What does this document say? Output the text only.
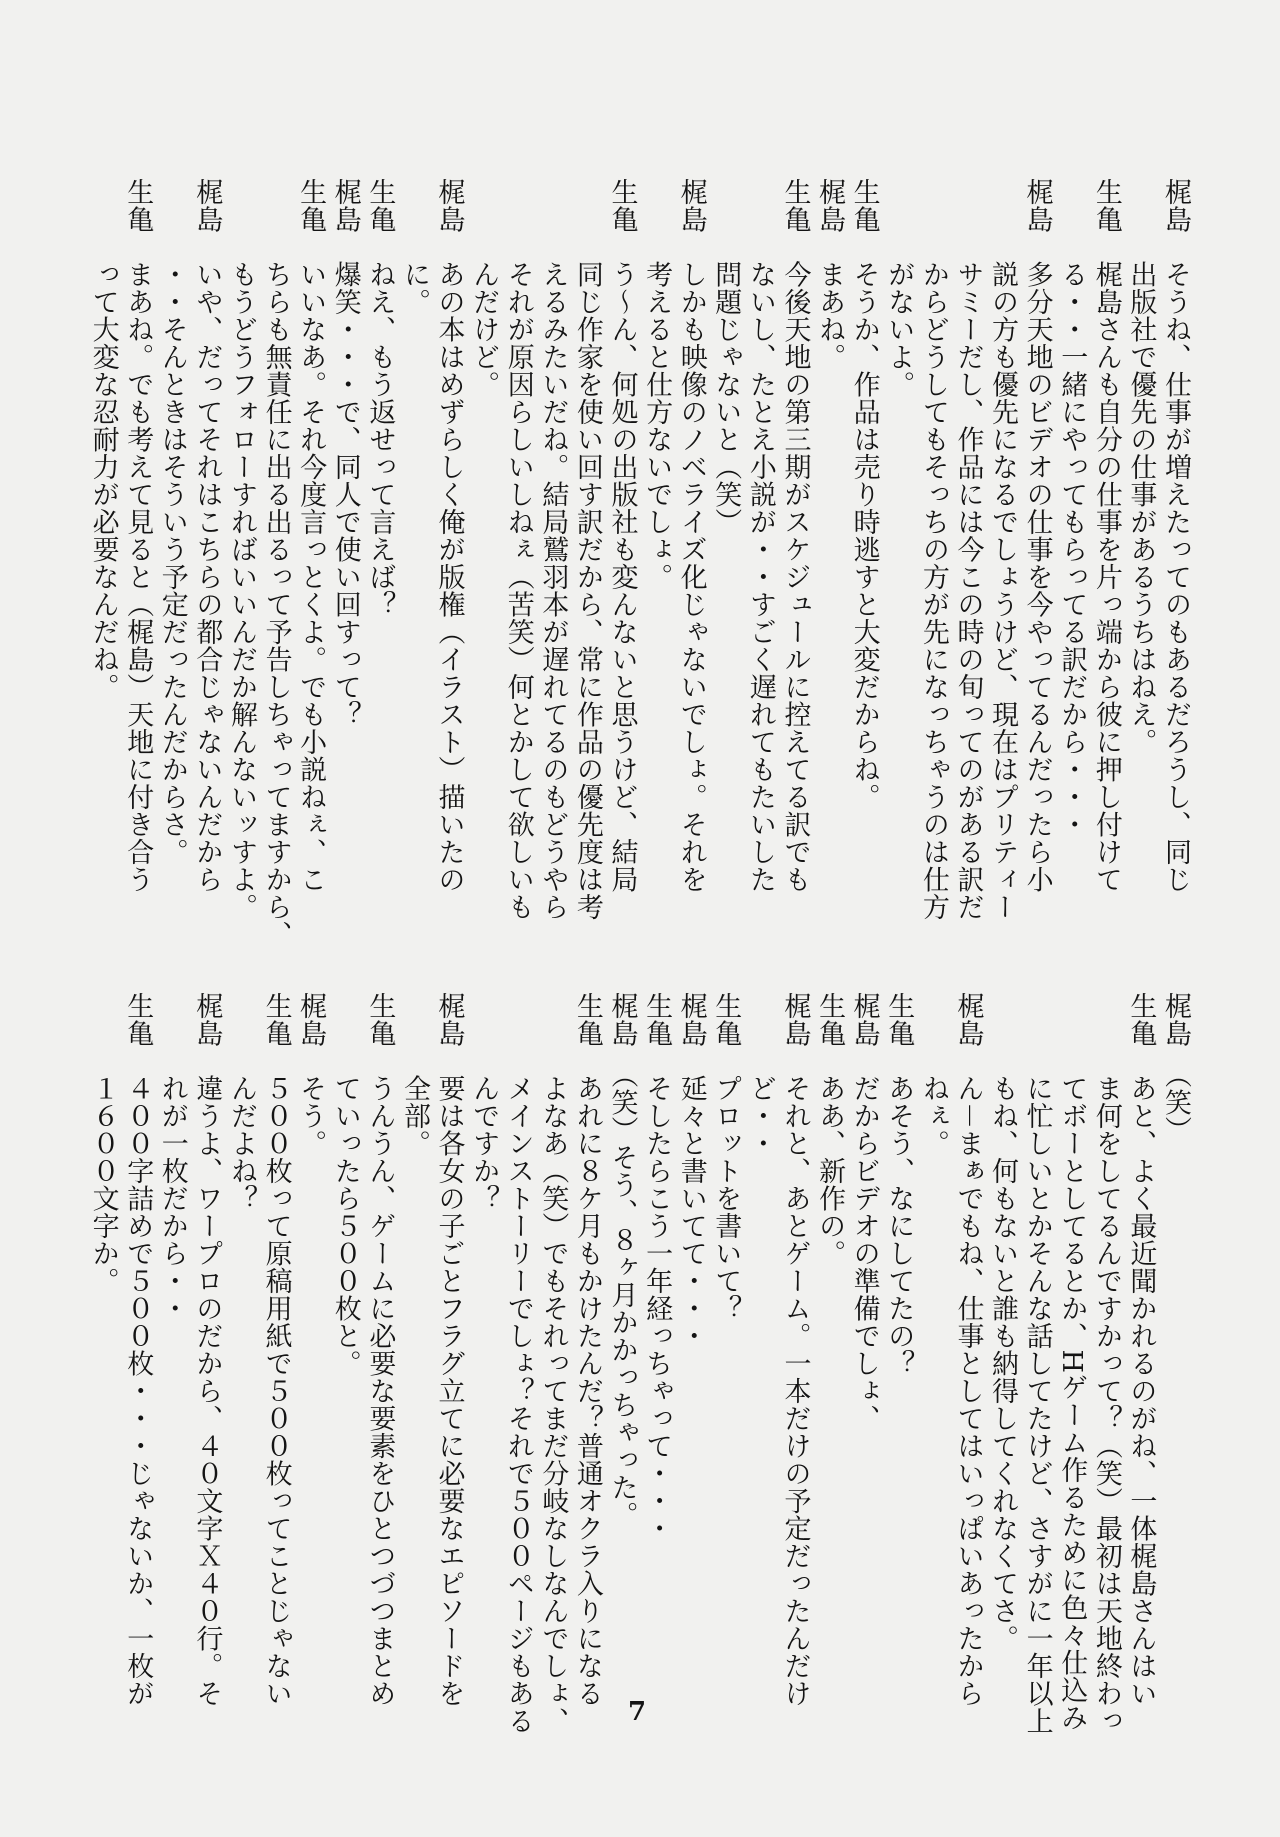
梶島　そうね、仕事が増えたってのもあるだろうし、同じ
　　　出版社で優先の仕事があるうちはねえ。
生亀　梶島さんも自分の仕事を片っ端から彼に押し付けて
　　　る・・一緒にやってもらってる訳だから・・・
梶島　多分天地のビデオの仕事を今やってるんだったら小
　　　説の方も優先になるでしょうけど、現在はプリティー
　　　サミーだし、作品には今この時の旬ってのがある訳だ
　　　からどうしてもそっちの方が先になっちゃうのは仕方
　　　がないよ。
生亀　そうか、作品は売り時逃すと大変だからね。
梶島　まあね。
生亀　今後天地の第三期がスケジュールに控えてる訳でも
　　　ないし、たとえ小説が・・すごく遅れてもたいした
　　　問題じゃないと（笑）
梶島　しかも映像のノベライズ化じゃないでしょ。それを
　　　考えると仕方ないでしょ。
生亀　う～ん、何処の出版社も変んないと思うけど、結局
　　　同じ作家を使い回す訳だから、常に作品の優先度は考
　　　えるみたいだね。結局鷲羽本が遅れてるのもどうやら
　　　それが原因らしいしねぇ（苦笑）何とかして欲しいも
　　　んだけど。
梶島　あの本はめずらしく俺が版権（イラスト）描いたの
　　　に。
生亀　ねえ、もう返せって言えば？
梶島　爆笑・・・で、同人で使い回すって？
生亀　いいなあ。それ今度言っとくよ。でも小説ねぇ、こ
　　　ちらも無責任に出る出るって予告しちゃってますから、
　　　もうどうフォローすればいいんだか解んないッすよ。
梶島　いや、だってそれはこちらの都合じゃないんだから
　　　・・そんときはそういう予定だったんだからさ。
生亀　まあね。でも考えて見ると（梶島）天地に付き合う
　　　って大変な忍耐力が必要なんだね。
梶島　（笑）
生亀　あと、よく最近聞かれるのがね、一体梶島さんはい
　　　ま何をしてるんですかって？（笑）最初は天地終わっ
　　　てボーとしてるとか、Hゲーム作るために色々仕込み
　　　に忙しいとかそんな話してたけど、さすがに一年以上
　　　もね、何もないと誰も納得してくれなくてさ。
梶島　ん－まぁでもね、仕事としてはいっぱいあったから
　　　ねぇ。
生亀　あそう、なにしてたの？
梶島　だからビデオの準備でしょ、
生亀　ああ、新作の。
梶島　それと、あとゲーム。一本だけの予定だったんだけ
　　　ど・・
生亀　プロットを書いて？
梶島　延々と書いてて・・・
生亀　そしたらこう一年経っちゃって・・・
梶島　（笑）そう、８ヶ月かかっちゃった。
生亀　あれに８ケ月もかけたんだ？普通オクラ入りになる
　　　よなあ（笑）でもそれってまだ分岐なしなんでしょ、
　　　メインストーリーでしょ？それで５００ページもある
　　　んですか？
梶島　要は各女の子ごとフラグ立てに必要なエピソードを
　　　全部。
生亀　うんうん、ゲームに必要な要素をひとつづつまとめ
　　　ていったら５００枚と。
梶島　そう。
生亀　５００枚って原稿用紙で５００枚ってことじゃない
　　　んだよね？
梶島　違うよ、ワープロのだから、４０文字Ｘ４０行。そ
　　　れが一枚だから・・
生亀　４００字詰めで５００枚・・・じゃないか、一枚が
　　　１６００文字か。
7
